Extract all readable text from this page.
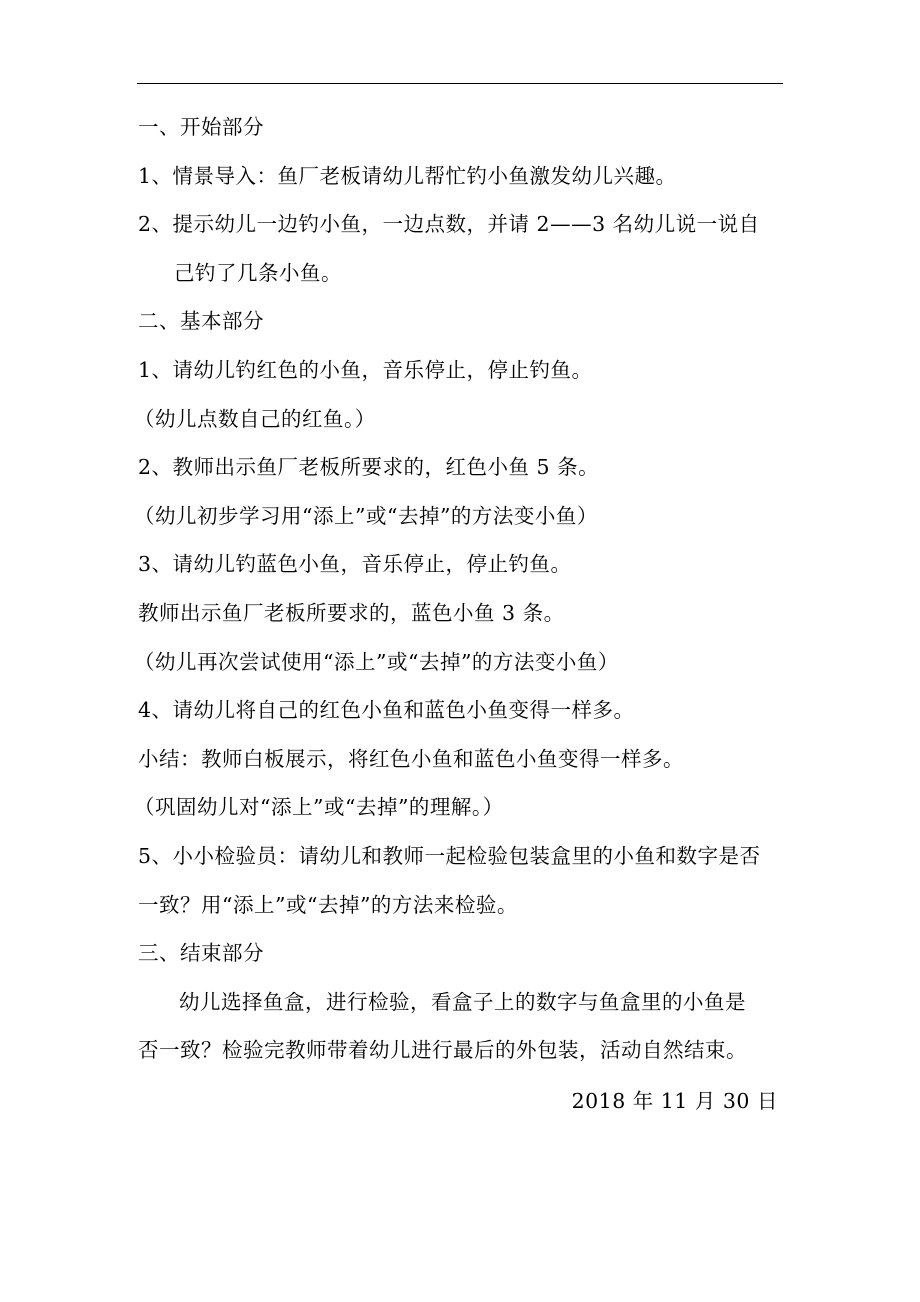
一、开始部分
1、情景导入：鱼厂老板请幼儿帮忙钓小鱼激发幼儿兴趣。
2、提示幼儿一边钓小鱼，一边点数，并请 2——3 名幼儿说一说自
己钓了几条小鱼。
二、基本部分
1、请幼儿钓红色的小鱼，音乐停止，停止钓鱼。
（幼儿点数自己的红鱼。）
2、教师出示鱼厂老板所要求的，红色小鱼 5 条。
（幼儿初步学习用“添上”或“去掉”的方法变小鱼）
3、请幼儿钓蓝色小鱼，音乐停止，停止钓鱼。
教师出示鱼厂老板所要求的，蓝色小鱼 3 条。
（幼儿再次尝试使用“添上”或“去掉”的方法变小鱼）
4、请幼儿将自己的红色小鱼和蓝色小鱼变得一样多。
小结：教师白板展示，将红色小鱼和蓝色小鱼变得一样多。
（巩固幼儿对“添上”或“去掉”的理解。）
5、小小检验员：请幼儿和教师一起检验包装盒里的小鱼和数字是否
一致？用“添上”或“去掉”的方法来检验。
三、结束部分
幼儿选择鱼盒，进行检验，看盒子上的数字与鱼盒里的小鱼是
否一致？检验完教师带着幼儿进行最后的外包装，活动自然结束。
2018 年 11 月 30 日
